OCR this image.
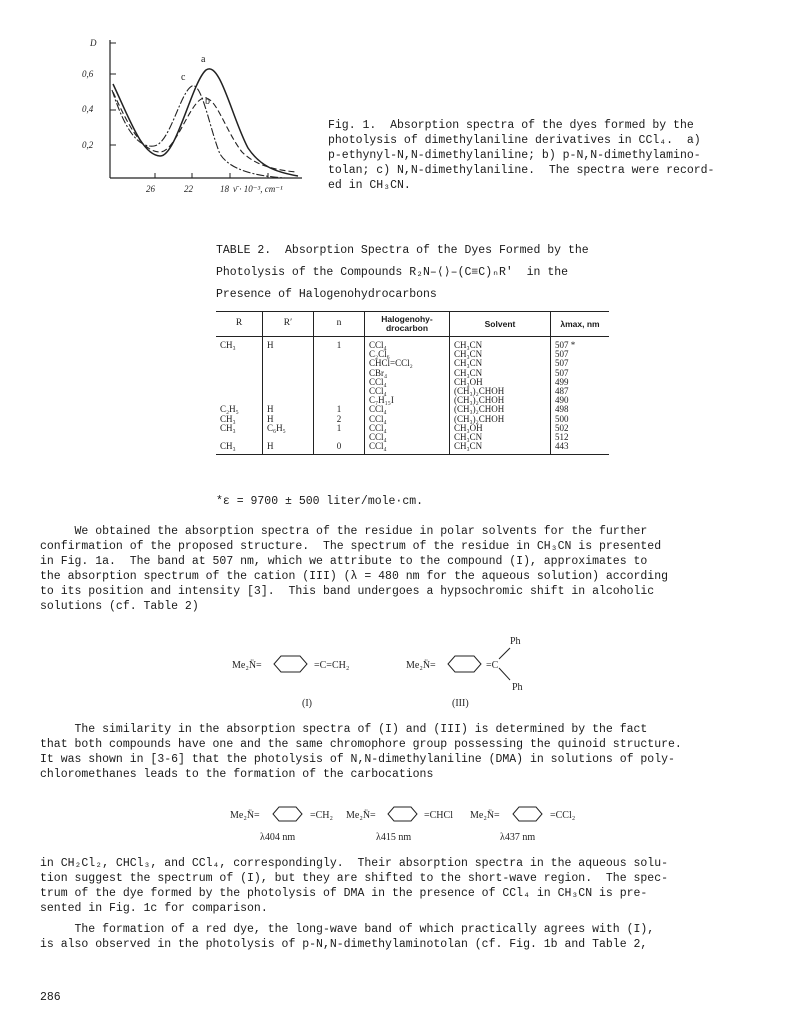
D
0,6
0,4
0,2
26	22	18 ν̄ · 10⁻³, cm⁻¹
a
b
c
Fig. 1.  Absorption spectra of the dyes formed by the
photolysis of dimethylaniline derivatives in CCl₄.  a)
p-ethynyl-N,N-dimethylaniline; b) p-N,N-dimethylamino-
tolan; c) N,N-dimethylaniline.  The spectra were record-
ed in CH₃CN.
TABLE 2.  Absorption Spectra of the Dyes Formed by the
Photolysis of the Compounds R₂N–⟨⟩–(C≡C)ₙR′  in the
Presence of Halogenohydrocarbons
R	R′	n	Halogenohy-drocarbon	Solvent	λmax, nm
CH₃	H	1	CCl₄	CH₃CN	507 *
			C₂Cl₆	CH₃CN	507
			CHCl=CCl₂	CH₃CN	507
			CBr₄	CH₃CN	507
			CCl₄	CH₃OH	499
			CCl₄	(CH₃)₂CHOH	487
			C₇H₁₅I	(CH₃)₂CHOH	490
C₂H₅	H	1	CCl₄	(CH₃)₂CHOH	498
CH₃	H	2	CCl₄	(CH₃)₂CHOH	500
CH₃	C₆H₅	1	CCl₄	CH₃OH	502
			CCl₄	CH₃CN	512
CH₃	H	0	CCl₄	CH₃CN	443
*ε = 9700 ± 500 liter/mole·cm.
We obtained the absorption spectra of the residue in polar solvents for the further
confirmation of the proposed structure.  The spectrum of the residue in CH₃CN is presented
in Fig. 1a.  The band at 507 nm, which we attribute to the compound (I), approximates to
the absorption spectrum of the cation (III) (λ = 480 nm for the aqueous solution) according
to its position and intensity [3].  This band undergoes a hypsochromic shift in alcoholic
solutions (cf. Table 2)
Me₂N̈=	=C=CH₂
(I)
Me₂N̈=	=C
Ph
Ph
(III)
The similarity in the absorption spectra of (I) and (III) is determined by the fact
that both compounds have one and the same chromophore group possessing the quinoid structure.
It was shown in [3-6] that the photolysis of N,N-dimethylaniline (DMA) in solutions of poly-
chloromethanes leads to the formation of the carbocations
Me₂N̈=	=CH₂
λ404 nm
Me₂N̈=	=CHCl
λ415 nm
Me₂N̈=	=CCl₂
λ437 nm
in CH₂Cl₂, CHCl₃, and CCl₄, correspondingly.  Their absorption spectra in the aqueous solu-
tion suggest the spectrum of (I), but they are shifted to the short-wave region.  The spec-
trum of the dye formed by the photolysis of DMA in the presence of CCl₄ in CH₃CN is pre-
sented in Fig. 1c for comparison.
The formation of a red dye, the long-wave band of which practically agrees with (I),
is also observed in the photolysis of p-N,N-dimethylaminotolan (cf. Fig. 1b and Table 2,
286
